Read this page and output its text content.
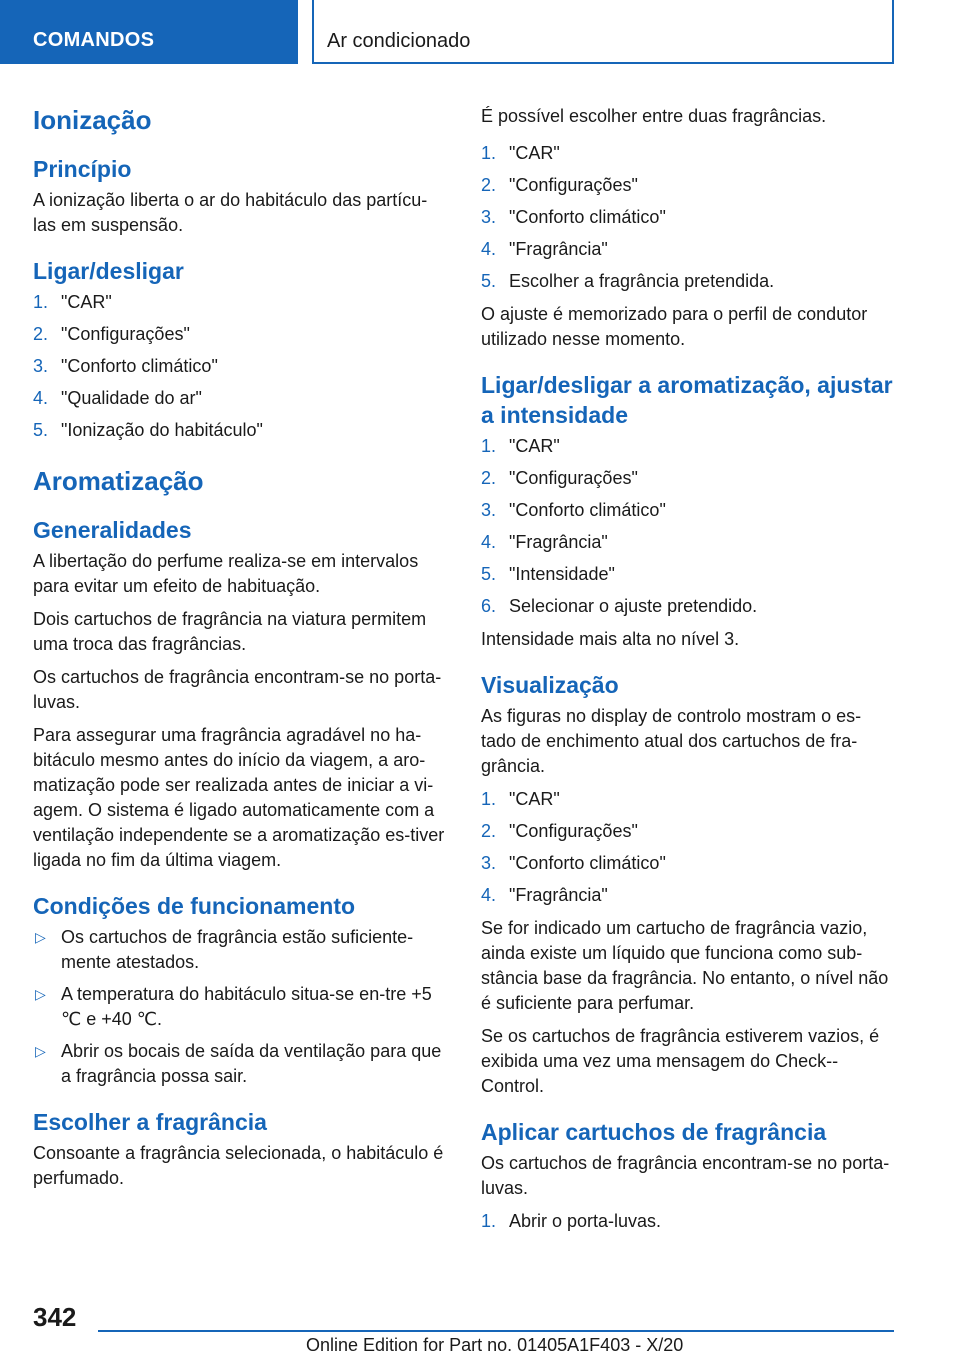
COMANDOS	Ar condicionado
Ionização
Princípio

A ionização liberta o ar do habitáculo das partícu-las em suspensão.

Ligar/desligar
1. "CAR"
2. "Configurações"
3. "Conforto climático"
4. "Qualidade do ar"
5. "Ionização do habitáculo"
Aromatização
Generalidades

A libertação do perfume realiza-se em intervalos para evitar um efeito de habituação.

Dois cartuchos de fragrância na viatura permitem uma troca das fragrâncias.

Os cartuchos de fragrância encontram-se no porta-luvas.

Para assegurar uma fragrância agradável no ha-bitáculo mesmo antes do início da viagem, a aro-matização pode ser realizada antes de iniciar a vi-agem. O sistema é ligado automaticamente com a ventilação independente se a aromatização es-tiver ligada no fim da última viagem.

Condições de funcionamento
▷ Os cartuchos de fragrância estão suficiente-mente atestados.
▷ A temperatura do habitáculo situa-se en-tre +5 ℃ e +40 ℃.
▷ Abrir os bocais de saída da ventilação para que a fragrância possa sair.
Escolher a fragrância

Consoante a fragrância selecionada, o habitáculo é perfumado.

É possível escolher entre duas fragrâncias.

1. "CAR"
2. "Configurações"
3. "Conforto climático"
4. "Fragrância"
5. Escolher a fragrância pretendida.

O ajuste é memorizado para o perfil de condutor utilizado nesse momento.

Ligar/desligar a aromatização, ajustar a intensidade
1. "CAR"
2. "Configurações"
3. "Conforto climático"
4. "Fragrância"
5. "Intensidade"
6. Selecionar o ajuste pretendido.

Intensidade mais alta no nível 3.

Visualização

As figuras no display de controlo mostram o es-tado de enchimento atual dos cartuchos de fra-grância.

1. "CAR"
2. "Configurações"
3. "Conforto climático"
4. "Fragrância"

Se for indicado um cartucho de fragrância vazio, ainda existe um líquido que funciona como sub-stância base da fragrância. No entanto, o nível não é suficiente para perfumar.

Se os cartuchos de fragrância estiverem vazios, é exibida uma vez uma mensagem do Check--Control.

Aplicar cartuchos de fragrância

Os cartuchos de fragrância encontram-se no porta-luvas.

1. Abrir o porta-luvas.
342
Online Edition for Part no. 01405A1F403 - X/20
